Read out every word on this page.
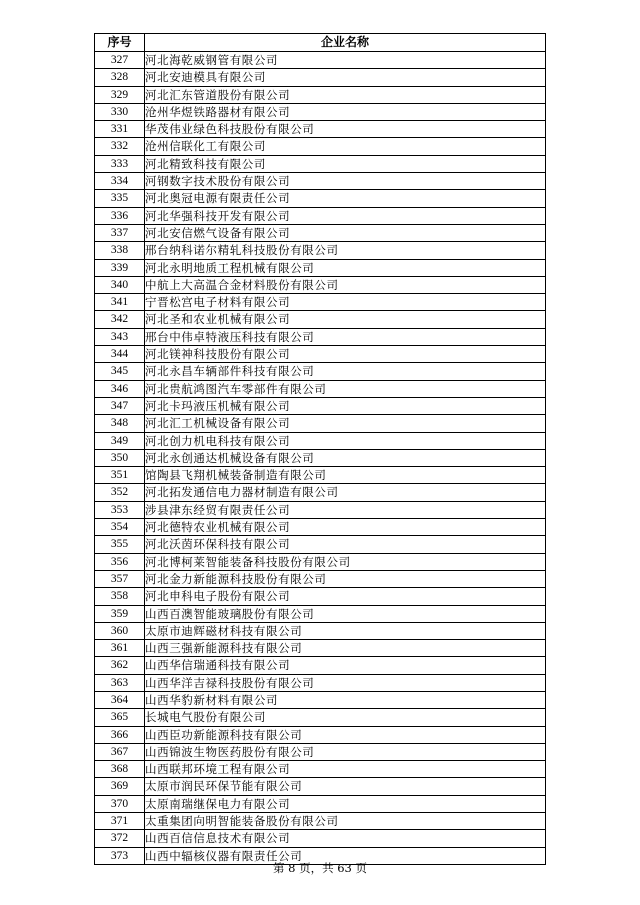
序号	企业名称
327	河北海乾威钢管有限公司
328	河北安迪模具有限公司
329	河北汇东管道股份有限公司
330	沧州华煜铁路器材有限公司
331	华茂伟业绿色科技股份有限公司
332	沧州信联化工有限公司
333	河北精致科技有限公司
334	河钢数字技术股份有限公司
335	河北奥冠电源有限责任公司
336	河北华强科技开发有限公司
337	河北安信燃气设备有限公司
338	邢台纳科诺尔精轧科技股份有限公司
339	河北永明地质工程机械有限公司
340	中航上大高温合金材料股份有限公司
341	宁晋松宫电子材料有限公司
342	河北圣和农业机械有限公司
343	邢台中伟卓特液压科技有限公司
344	河北镁神科技股份有限公司
345	河北永昌车辆部件科技有限公司
346	河北贵航鸿图汽车零部件有限公司
347	河北卡玛液压机械有限公司
348	河北汇工机械设备有限公司
349	河北创力机电科技有限公司
350	河北永创通达机械设备有限公司
351	馆陶县飞翔机械装备制造有限公司
352	河北拓发通信电力器材制造有限公司
353	涉县津东经贸有限责任公司
354	河北德特农业机械有限公司
355	河北沃茵环保科技有限公司
356	河北博柯莱智能装备科技股份有限公司
357	河北金力新能源科技股份有限公司
358	河北申科电子股份有限公司
359	山西百澳智能玻璃股份有限公司
360	太原市迪辉磁材科技有限公司
361	山西三强新能源科技有限公司
362	山西华信瑞通科技有限公司
363	山西华洋吉禄科技股份有限公司
364	山西华豹新材料有限公司
365	长城电气股份有限公司
366	山西臣功新能源科技有限公司
367	山西锦波生物医药股份有限公司
368	山西联邦环境工程有限公司
369	太原市润民环保节能有限公司
370	太原南瑞继保电力有限公司
371	太重集团向明智能装备股份有限公司
372	山西百信信息技术有限公司
373	山西中辐核仪器有限责任公司
第 8 页，共 63 页
